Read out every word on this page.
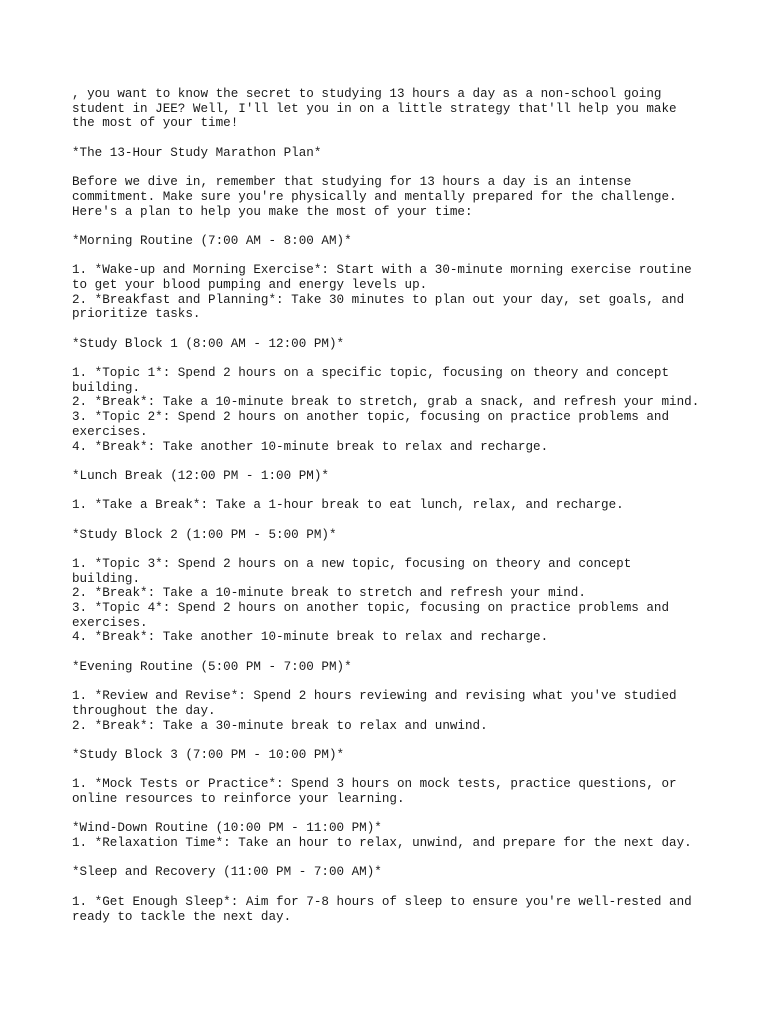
, you want to know the secret to studying 13 hours a day as a non-school going
student in JEE? Well, I'll let you in on a little strategy that'll help you make
the most of your time!
*The 13-Hour Study Marathon Plan*
Before we dive in, remember that studying for 13 hours a day is an intense
commitment. Make sure you're physically and mentally prepared for the challenge.
Here's a plan to help you make the most of your time:
*Morning Routine (7:00 AM - 8:00 AM)*
1. *Wake-up and Morning Exercise*: Start with a 30-minute morning exercise routine
to get your blood pumping and energy levels up.
2. *Breakfast and Planning*: Take 30 minutes to plan out your day, set goals, and
prioritize tasks.
*Study Block 1 (8:00 AM - 12:00 PM)*
1. *Topic 1*: Spend 2 hours on a specific topic, focusing on theory and concept
building.
2. *Break*: Take a 10-minute break to stretch, grab a snack, and refresh your mind.
3. *Topic 2*: Spend 2 hours on another topic, focusing on practice problems and
exercises.
4. *Break*: Take another 10-minute break to relax and recharge.
*Lunch Break (12:00 PM - 1:00 PM)*
1. *Take a Break*: Take a 1-hour break to eat lunch, relax, and recharge.
*Study Block 2 (1:00 PM - 5:00 PM)*
1. *Topic 3*: Spend 2 hours on a new topic, focusing on theory and concept
building.
2. *Break*: Take a 10-minute break to stretch and refresh your mind.
3. *Topic 4*: Spend 2 hours on another topic, focusing on practice problems and
exercises.
4. *Break*: Take another 10-minute break to relax and recharge.
*Evening Routine (5:00 PM - 7:00 PM)*
1. *Review and Revise*: Spend 2 hours reviewing and revising what you've studied
throughout the day.
2. *Break*: Take a 30-minute break to relax and unwind.
*Study Block 3 (7:00 PM - 10:00 PM)*
1. *Mock Tests or Practice*: Spend 3 hours on mock tests, practice questions, or
online resources to reinforce your learning.
*Wind-Down Routine (10:00 PM - 11:00 PM)*
1. *Relaxation Time*: Take an hour to relax, unwind, and prepare for the next day.
*Sleep and Recovery (11:00 PM - 7:00 AM)*
1. *Get Enough Sleep*: Aim for 7-8 hours of sleep to ensure you're well-rested and
ready to tackle the next day.
